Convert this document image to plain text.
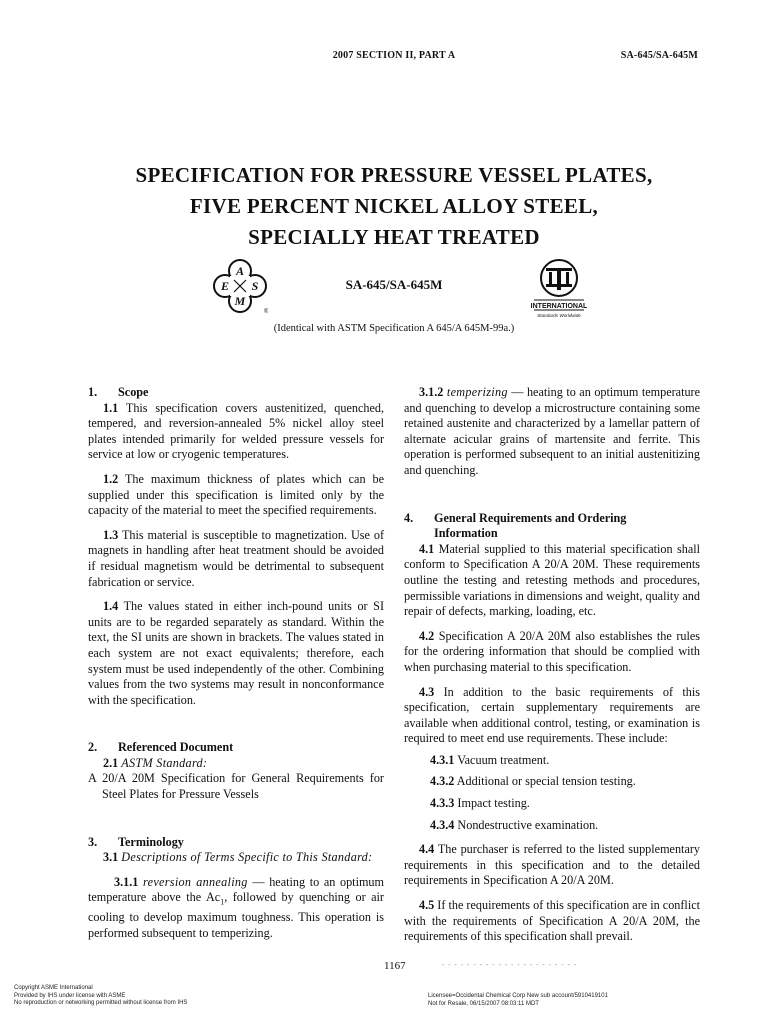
2007 SECTION II, PART A	SA-645/SA-645M
SPECIFICATION FOR PRESSURE VESSEL PLATES,
FIVE PERCENT NICKEL ALLOY STEEL,
SPECIALLY HEAT TREATED
A
E S
M
®
SA-645/SA-645M
INTERNATIONAL
Standards Worldwide
(Identical with ASTM Specification A 645/A 645M-99a.)

1. Scope

1.1 This specification covers austenitized, quenched, tempered, and reversion-annealed 5% nickel alloy steel plates intended primarily for welded pressure vessels for service at low or cryogenic temperatures.

1.2 The maximum thickness of plates which can be supplied under this specification is limited only by the capacity of the material to meet the specified requirements.

1.3 This material is susceptible to magnetization. Use of magnets in handling after heat treatment should be avoided if residual magnetism would be detrimental to subsequent fabrication or service.

1.4 The values stated in either inch-pound units or SI units are to be regarded separately as standard. Within the text, the SI units are shown in brackets. The values stated in each system are not exact equivalents; therefore, each system must be used independently of the other. Combining values from the two systems may result in nonconformance with the specification.

2. Referenced Document

2.1 ASTM Standard:

A 20/A 20M Specification for General Requirements for Steel Plates for Pressure Vessels

3. Terminology

3.1 Descriptions of Terms Specific to This Standard:

3.1.1 reversion annealing — heating to an optimum temperature above the $Ac_1$, followed by quenching or air cooling to develop maximum toughness. This operation is performed subsequent to temperizing.

3.1.2 temperizing — heating to an optimum temperature and quenching to develop a microstructure containing some retained austenite and characterized by a lamellar pattern of alternate acicular grains of martensite and ferrite. This operation is performed subsequent to an initial austenitizing and quenching.

4. General Requirements and Ordering
Information

4.1 Material supplied to this material specification shall conform to Specification A 20/A 20M. These requirements outline the testing and retesting methods and procedures, permissible variations in dimensions and weight, quality and repair of defects, marking, loading, etc.

4.2 Specification A 20/A 20M also establishes the rules for the ordering information that should be complied with when purchasing material to this specification.

4.3 In addition to the basic requirements of this specification, certain supplementary requirements are available when additional control, testing, or examination is required to meet end use requirements. These include:

4.3.1 Vacuum treatment.

4.3.2 Additional or special tension testing.

4.3.3 Impact testing.

4.3.4 Nondestructive examination.

4.4 The purchaser is referred to the listed supplementary requirements in this specification and to the detailed requirements in Specification A 20/A 20M.

4.5 If the requirements of this specification are in conflict with the requirements of Specification A 20/A 20M, the requirements of this specification shall prevail.

1167	- - - - - - - - - - - - - - - - - - - - - -
Copyright ASME International
Provided by IHS under license with ASME
No reproduction or networking permitted without license from IHS
Licensee=Occidental Chemical Corp New sub account/5910419101
Not for Resale, 06/15/2007 08:03:11 MDT
